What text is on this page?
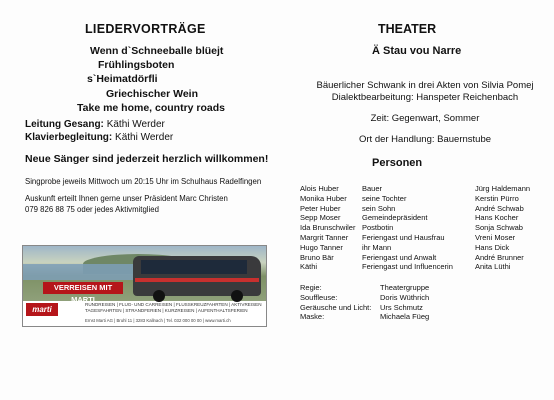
LIEDERVORTRÄGE
Wenn d`Schneeballe blüejt
Frühlingsboten
s`Heimatdörfli
Griechischer Wein
Take me home, country roads
Leitung Gesang: Käthi Werder
Klavierbegleitung: Käthi Werder
Neue Sänger sind jederzeit herzlich willkommen!
Singprobe jeweils Mittwoch um 20:15 Uhr im Schulhaus Radelfingen
Auskunft erteilt Ihnen gerne unser Präsident Marc Christen
079 826 88 75 oder jedes Aktivmitglied
VERREISEN MIT MARTI
marti
RUNDREISEN | FLUG- UND CARREISEN | FLUSSKREUZFAHRTEN | AKTIVREISEN
TAGESFAHRTEN | STRANDFERIEN | KURZREISEN | AUFENTHALTSFERIEN
Ernst Marti AG | Bruhl 11 | 3283 Kallnach | Tel. 032 000 00 00 | www.marti.ch
THEATER
Ä Stau vou Narre
Bäuerlicher Schwank in drei Akten von Silvia Pomej
Dialektbearbeitung: Hanspeter Reichenbach
Zeit: Gegenwart, Sommer
Ort der Handlung: Bauernstube
Personen
Alois Huber
Monika Huber
Peter Huber
Sepp Moser
Ida Brunschwiler
Margrit Tanner
Hugo Tanner
Bruno Bär
Käthi
Bauer
seine Tochter
sein Sohn
Gemeindepräsident
Postbotin
Feriengast und Hausfrau
ihr Mann
Feriengast und Anwalt
Feriengast und Influencerin
Jürg Haldemann
Kerstin Pürro
André Schwab
Hans Kocher
Sonja Schwab
Vreni Moser
Hans Dick
André Brunner
Anita Lüthi
Regie:
Souffleuse:
Geräusche und Licht:
Maske:
Theatergruppe
Doris Wüthrich
Urs Schmutz
Michaela Füeg
